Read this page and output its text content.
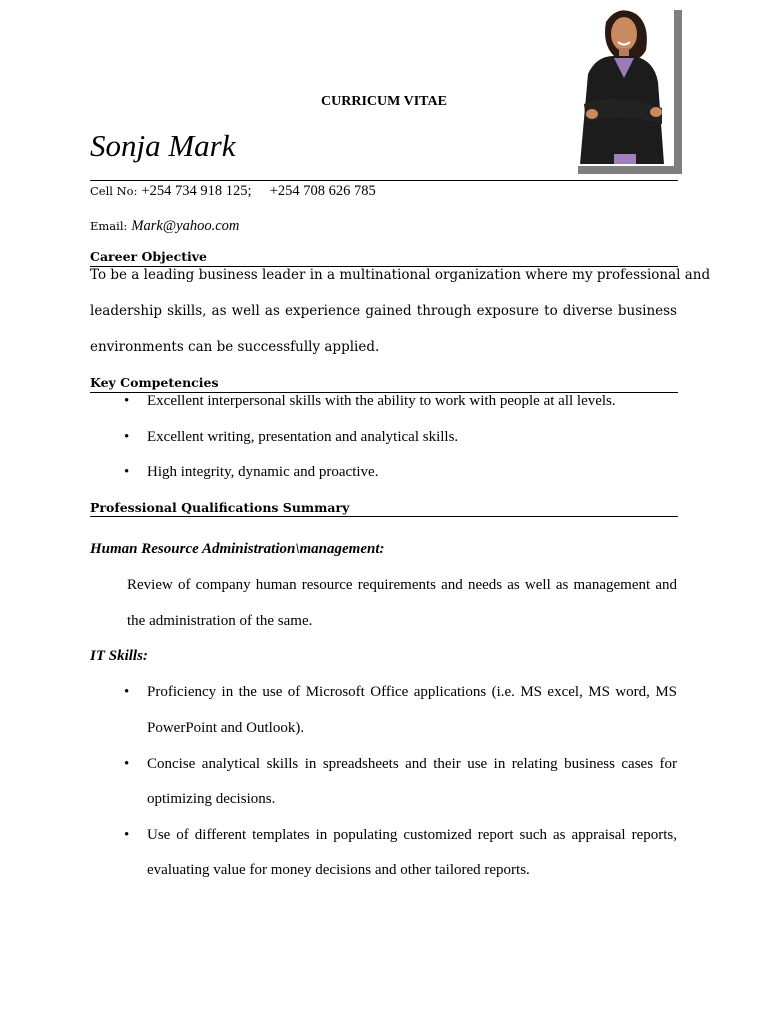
CURRICUM VITAE
Sonja Mark
Cell No: +254 734 918 125;     +254 708 626 785
Email: Mark@yahoo.com
Career Objective
To be a leading business leader in a multinational organization where my professional and
leadership skills, as well as experience gained through exposure to diverse business
environments can be successfully applied.
Key Competencies
• Excellent interpersonal skills with the ability to work with people at all levels.
• Excellent writing, presentation and analytical skills.
• High integrity, dynamic and proactive.
Professional Qualifications Summary
Human Resource Administration\management:
Review of company human resource requirements and needs as well as management and
the administration of the same.
IT Skills:
• Proficiency in the use of Microsoft Office applications (i.e. MS excel, MS word, MS
PowerPoint and Outlook).
• Concise analytical skills in spreadsheets and their use in relating business cases for
optimizing decisions.
• Use of different templates in populating customized report such as appraisal reports,
evaluating value for money decisions and other tailored reports.
